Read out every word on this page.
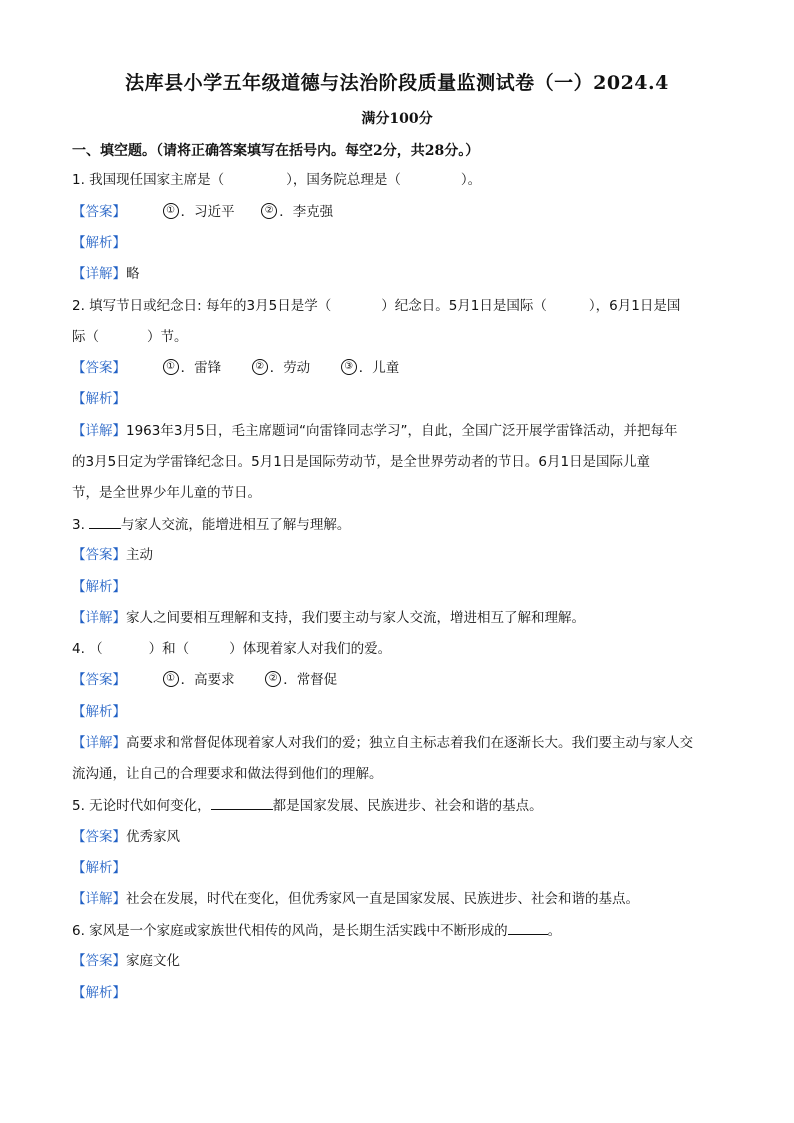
法库县小学五年级道德与法治阶段质量监测试卷（一）2024.4
满分100分
一、填空题。（请将正确答案填写在括号内。每空2分，共28分。）
1. 我国现任国家主席是（	），国务院总理是（	）。
【答案】	① ．习近平	② ．李克强
【解析】
【详解】略
2. 填写节日或纪念日: 每年的3月5日是学（	）纪念日。5月1日是国际（	），6月1日是国
际（	）节。
【答案】	① ．雷锋	② ．劳动	③ ．儿童
【解析】
【详解】1963年3月5日，毛主席题词“向雷锋同志学习”，自此，全国广泛开展学雷锋活动，并把每年
的3月5日定为学雷锋纪念日。5月1日是国际劳动节，是全世界劳动者的节日。6月1日是国际儿童
节，是全世界少年儿童的节日。
3.	与家人交流，能增进相互了解与理解。
【答案】主动
【解析】
【详解】家人之间要相互理解和支持，我们要主动与家人交流，增进相互了解和理解。
4. （	）和（	）体现着家人对我们的爱。
【答案】	① ．高要求	② ．常督促
【解析】
【详解】高要求和常督促体现着家人对我们的爱；独立自主标志着我们在逐渐长大。我们要主动与家人交
流沟通，让自己的合理要求和做法得到他们的理解。
5. 无论时代如何变化，	都是国家发展、民族进步、社会和谐的基点。
【答案】优秀家风
【解析】
【详解】社会在发展，时代在变化，但优秀家风一直是国家发展、民族进步、社会和谐的基点。
6. 家风是一个家庭或家族世代相传的风尚，是长期生活实践中不断形成的	。
【答案】家庭文化
【解析】
